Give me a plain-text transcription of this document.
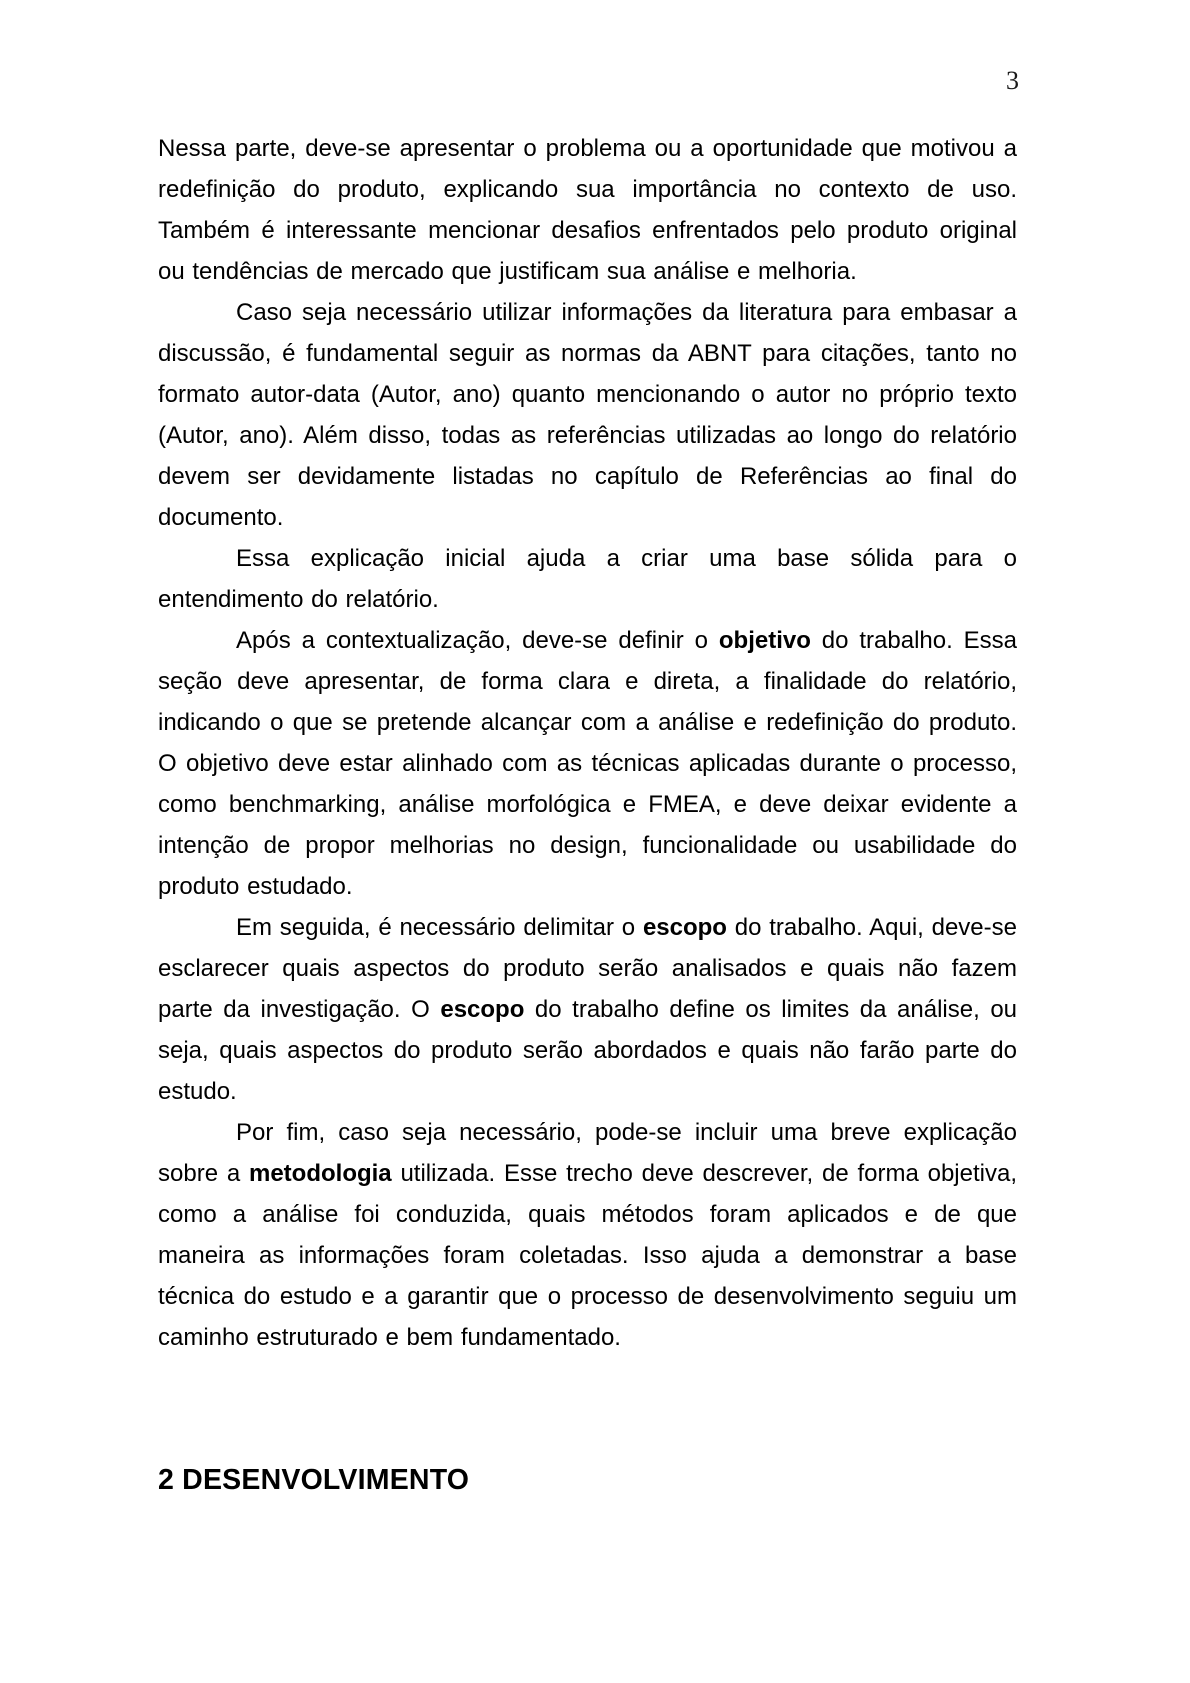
3

Nessa parte, deve-se apresentar o problema ou a oportunidade que motivou a redefinição do produto, explicando sua importância no contexto de uso. Também é interessante mencionar desafios enfrentados pelo produto original ou tendências de mercado que justificam sua análise e melhoria.

Caso seja necessário utilizar informações da literatura para embasar a discussão, é fundamental seguir as normas da ABNT para citações, tanto no formato autor-data (Autor, ano) quanto mencionando o autor no próprio texto (Autor, ano). Além disso, todas as referências utilizadas ao longo do relatório devem ser devidamente listadas no capítulo de Referências ao final do documento.

Essa explicação inicial ajuda a criar uma base sólida para o entendimento do relatório.

Após a contextualização, deve-se definir o objetivo do trabalho. Essa seção deve apresentar, de forma clara e direta, a finalidade do relatório, indicando o que se pretende alcançar com a análise e redefinição do produto. O objetivo deve estar alinhado com as técnicas aplicadas durante o processo, como benchmarking, análise morfológica e FMEA, e deve deixar evidente a intenção de propor melhorias no design, funcionalidade ou usabilidade do produto estudado.

Em seguida, é necessário delimitar o escopo do trabalho. Aqui, deve-se esclarecer quais aspectos do produto serão analisados e quais não fazem parte da investigação. O escopo do trabalho define os limites da análise, ou seja, quais aspectos do produto serão abordados e quais não farão parte do estudo.

Por fim, caso seja necessário, pode-se incluir uma breve explicação sobre a metodologia utilizada. Esse trecho deve descrever, de forma objetiva, como a análise foi conduzida, quais métodos foram aplicados e de que maneira as informações foram coletadas. Isso ajuda a demonstrar a base técnica do estudo e a garantir que o processo de desenvolvimento seguiu um caminho estruturado e bem fundamentado.

2 DESENVOLVIMENTO
